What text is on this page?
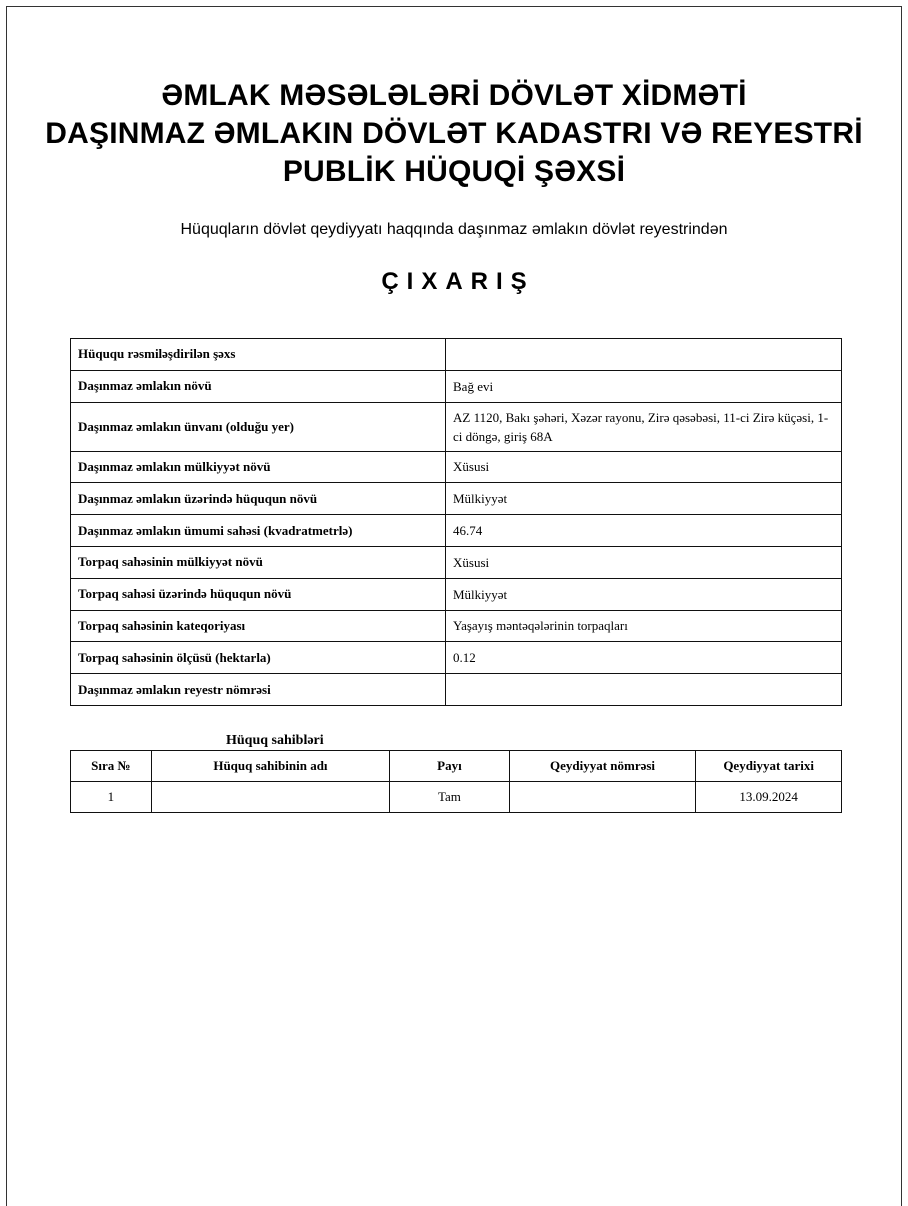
ƏMLAK MƏSƏLƏLƏRİ DÖVLƏT XİDMƏTİ
DAŞINMAZ ƏMLAKIN DÖVLƏT KADASTRI VƏ REYESTRİ
PUBLİK HÜQUQİ ŞƏXSİ
Hüquqların dövlət qeydiyyatı haqqında daşınmaz əmlakın dövlət reyestrindən
ÇIXARIŞ
Hüququ rəsmiləşdirilən şəxs	
Daşınmaz əmlakın növü	Bağ evi
Daşınmaz əmlakın ünvanı (olduğu yer)	AZ 1120, Bakı şəhəri, Xəzər rayonu, Zirə qəsəbəsi, 11-ci Zirə küçəsi, 1-ci döngə, giriş 68A
Daşınmaz əmlakın mülkiyyət növü	Xüsusi
Daşınmaz əmlakın üzərində hüququn növü	Mülkiyyət
Daşınmaz əmlakın ümumi sahəsi (kvadratmetrlə)	46.74
Torpaq sahəsinin mülkiyyət növü	Xüsusi
Torpaq sahəsi üzərində hüququn növü	Mülkiyyət
Torpaq sahəsinin kateqoriyası	Yaşayış məntəqələrinin torpaqları
Torpaq sahəsinin ölçüsü (hektarla)	0.12
Daşınmaz əmlakın reyestr nömrəsi	
Hüquq sahibləri
Sıra №	Hüquq sahibinin adı	Payı	Qeydiyyat nömrəsi	Qeydiyyat tarixi
1		Tam		13.09.2024
